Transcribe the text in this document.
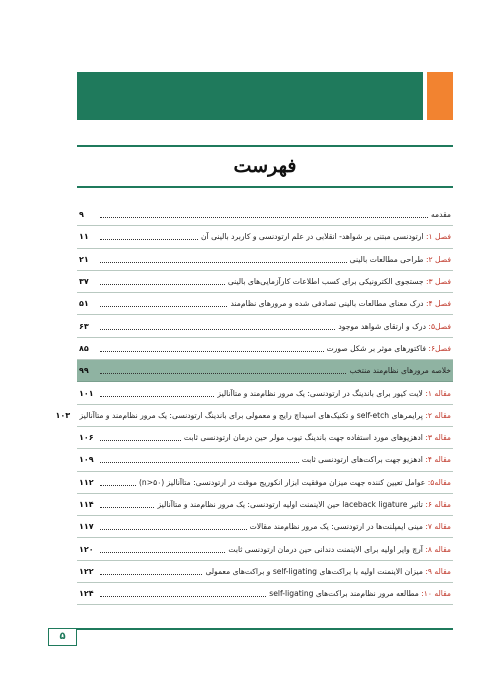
فهرست
مقدمه
۹
فصل ۱: ارتودنسی مبتنی بر شواهد- انقلابی در علم ارتودنسی و کاربرد بالینی آن
۱۱
فصل ۲: طراحی مطالعات بالینی
۲۱
فصل ۳: جستجوی الکترونیکی برای کسب اطلاعات کارآزمایی‌های بالینی
۳۷
فصل ۴: درک معنای مطالعات بالینی تصادفی شده و مرورهای نظام‌مند
۵۱
فصل۵: درک و ارتقای شواهد موجود
۶۳
فصل۶: فاکتورهای موثر بر شکل صورت
۸۵
خلاصه مرورهای نظام‌مند منتخب
۹۹
مقاله ۱: لایت کیور برای باندینگ در ارتودنسی: یک مرور نظام‌مند و متاآنالیز
۱۰۱
مقاله ۲: پرایمرهای self-etch و تکنیک‌های اسیداچ رایج و معمولی برای باندینگ ارتودنسی: یک مرور نظام‌مند و متاآنالیز
۱۰۳
مقاله ۳: ادهزیوهای مورد استفاده جهت باندینگ تیوب مولر حین درمان ارتودنسی ثابت
۱۰۶
مقاله ۴: ادهزیو جهت براکت‌های ارتودنسی ثابت
۱۰۹
مقاله۵: عوامل تعیین کننده جهت میزان موفقیت ابزار انکوریج موقت در ارتودنسی: متاآنالیز (۵۰<n)
۱۱۲
مقاله ۶: تاثیر laceback ligature حین الاینمنت اولیه ارتودنسی: یک مرور نظام‌مند و متاآنالیز
۱۱۴
مقاله ۷: مینی ایمپلنت‌ها در ارتودنسی: یک مرور نظام‌مند مقالات
۱۱۷
مقاله ۸: آرچ وایر اولیه برای الاینمنت دندانی حین درمان ارتودنسی ثابت
۱۲۰
مقاله ۹: میزان الاینمنت اولیه با براکت‌های self-ligating و براکت‌های معمولی
۱۲۲
مقاله ۱۰: مطالعه مرور نظام‌مند براکت‌های self-ligating
۱۲۴
۵
